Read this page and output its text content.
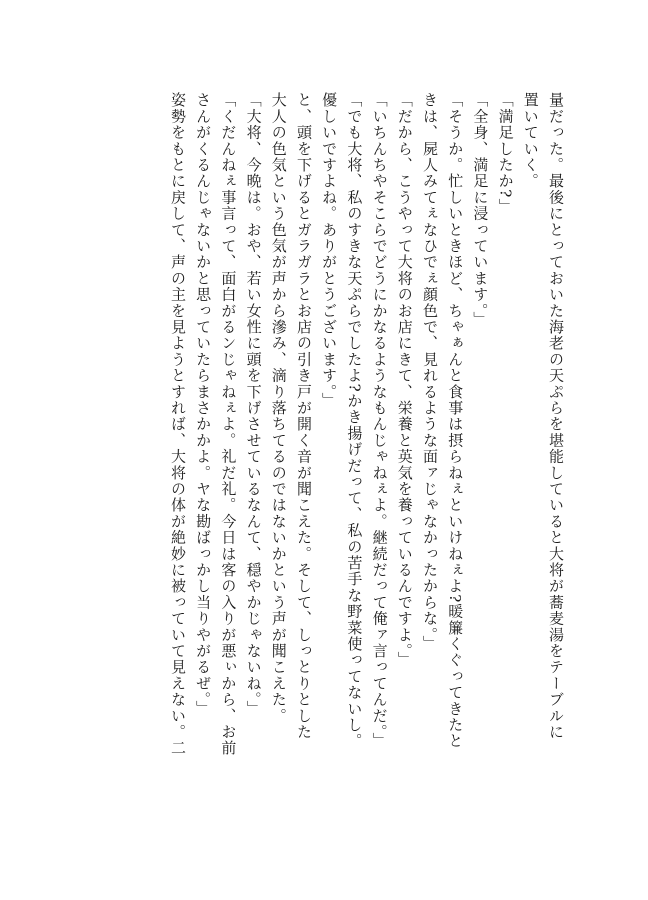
量だった。最後にとっておいた海老の天ぷらを堪能していると大将が蕎麦湯をテーブルに
置いていく。
「満足したか?」
「全身、満足に浸っています。」
「そうか。忙しいときほど、ちゃぁんと食事は摂らねぇといけねぇよ?暖簾くぐってきたと
きは、屍人みてぇなひでぇ顔色で、見れるような面ァじゃなかったからな。」
「だから、こうやって大将のお店にきて、栄養と英気を養っているんですよ。」
「いちんちやそこらでどうにかなるようなもんじゃねぇよ。継続だって俺ァ言ってんだ。」
「でも大将、私のすきな天ぷらでしたよ?かき揚げだって、私の苦手な野菜使ってないし。
優しいですよね。ありがとうございます。」
と、頭を下げるとガラガラとお店の引き戸が開く音が聞こえた。そして、しっとりとした
大人の色気という色気が声から滲み、滴り落ちてるのではないかという声が聞こえた。
「大将、今晩は。おや、若い女性に頭を下げさせているなんて、穏やかじゃないね。」
「くだんねぇ事言って、面白がるンじゃねぇよ。礼だ礼。今日は客の入りが悪ぃから、お前
さんがくるんじゃないかと思っていたらまさかかよ。ヤな勘ばっかし当りやがるぜ。」
姿勢をもとに戻して、声の主を見ようとすれば、大将の体が絶妙に被っていて見えない。二
